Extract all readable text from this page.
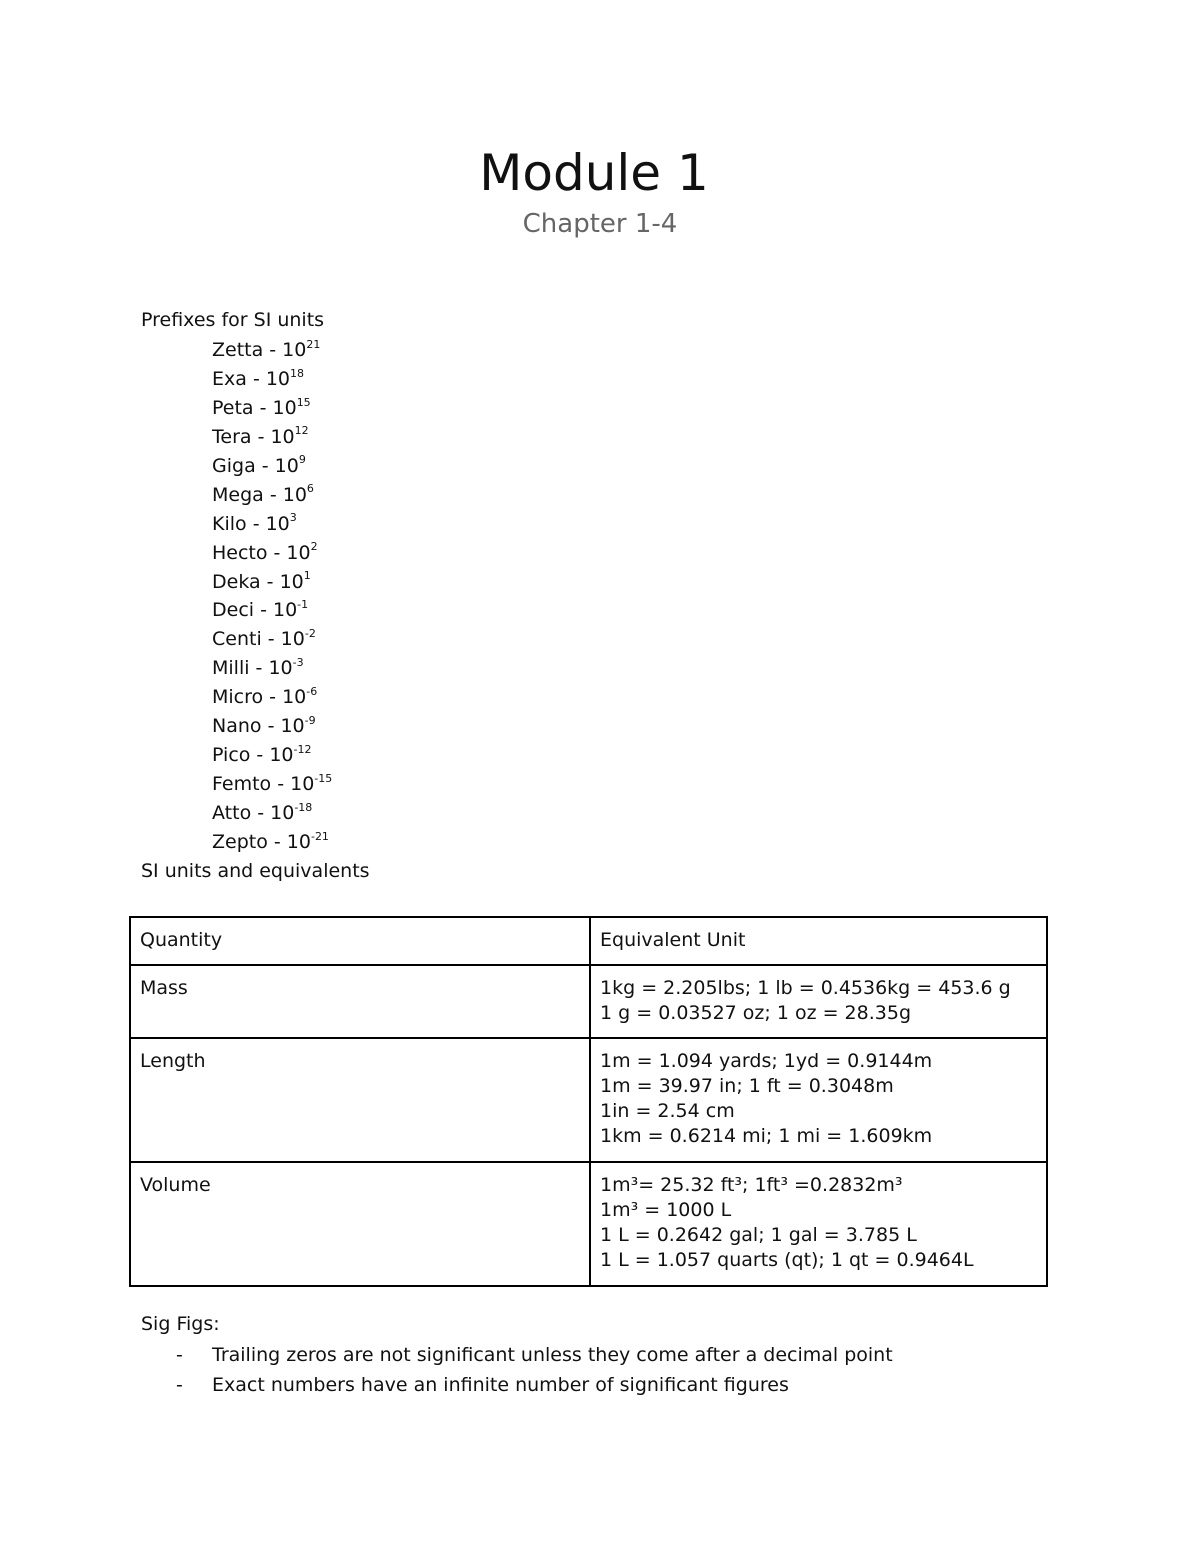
Module 1
Chapter 1-4
Prefixes for SI units
Zetta - $10^{21}$
Exa - $10^{18}$
Peta - $10^{15}$
Tera - $10^{12}$
Giga - $10^9$
Mega - $10^6$
Kilo - $10^3$
Hecto - $10^2$
Deka - $10^1$
Deci - $10^{-1}$
Centi - $10^{-2}$
Milli - $10^{-3}$
Micro - $10^{-6}$
Nano - $10^{-9}$
Pico - $10^{-12}$
Femto - $10^{-15}$
Atto - $10^{-18}$
Zepto - $10^{-21}$
SI units and equivalents
Quantity	Equivalent Unit
Mass	1kg = 2.205lbs; 1 lb = 0.4536kg = 453.6 g
1 g = 0.03527 oz; 1 oz = 28.35g

Length	1m = 1.094 yards; 1yd = 0.9144m
1m = 39.97 in; 1 ft = 0.3048m
1in = 2.54 cm
1km = 0.6214 mi; 1 mi = 1.609km

Volume	1m³= 25.32 ft³; 1ft³ =0.2832m³
1m³ = 1000 L
1 L = 0.2642 gal; 1 gal = 3.785 L
1 L = 1.057 quarts (qt); 1 qt = 0.9464L
Sig Figs:
- Trailing zeros are not significant unless they come after a decimal point
- Exact numbers have an infinite number of significant figures
